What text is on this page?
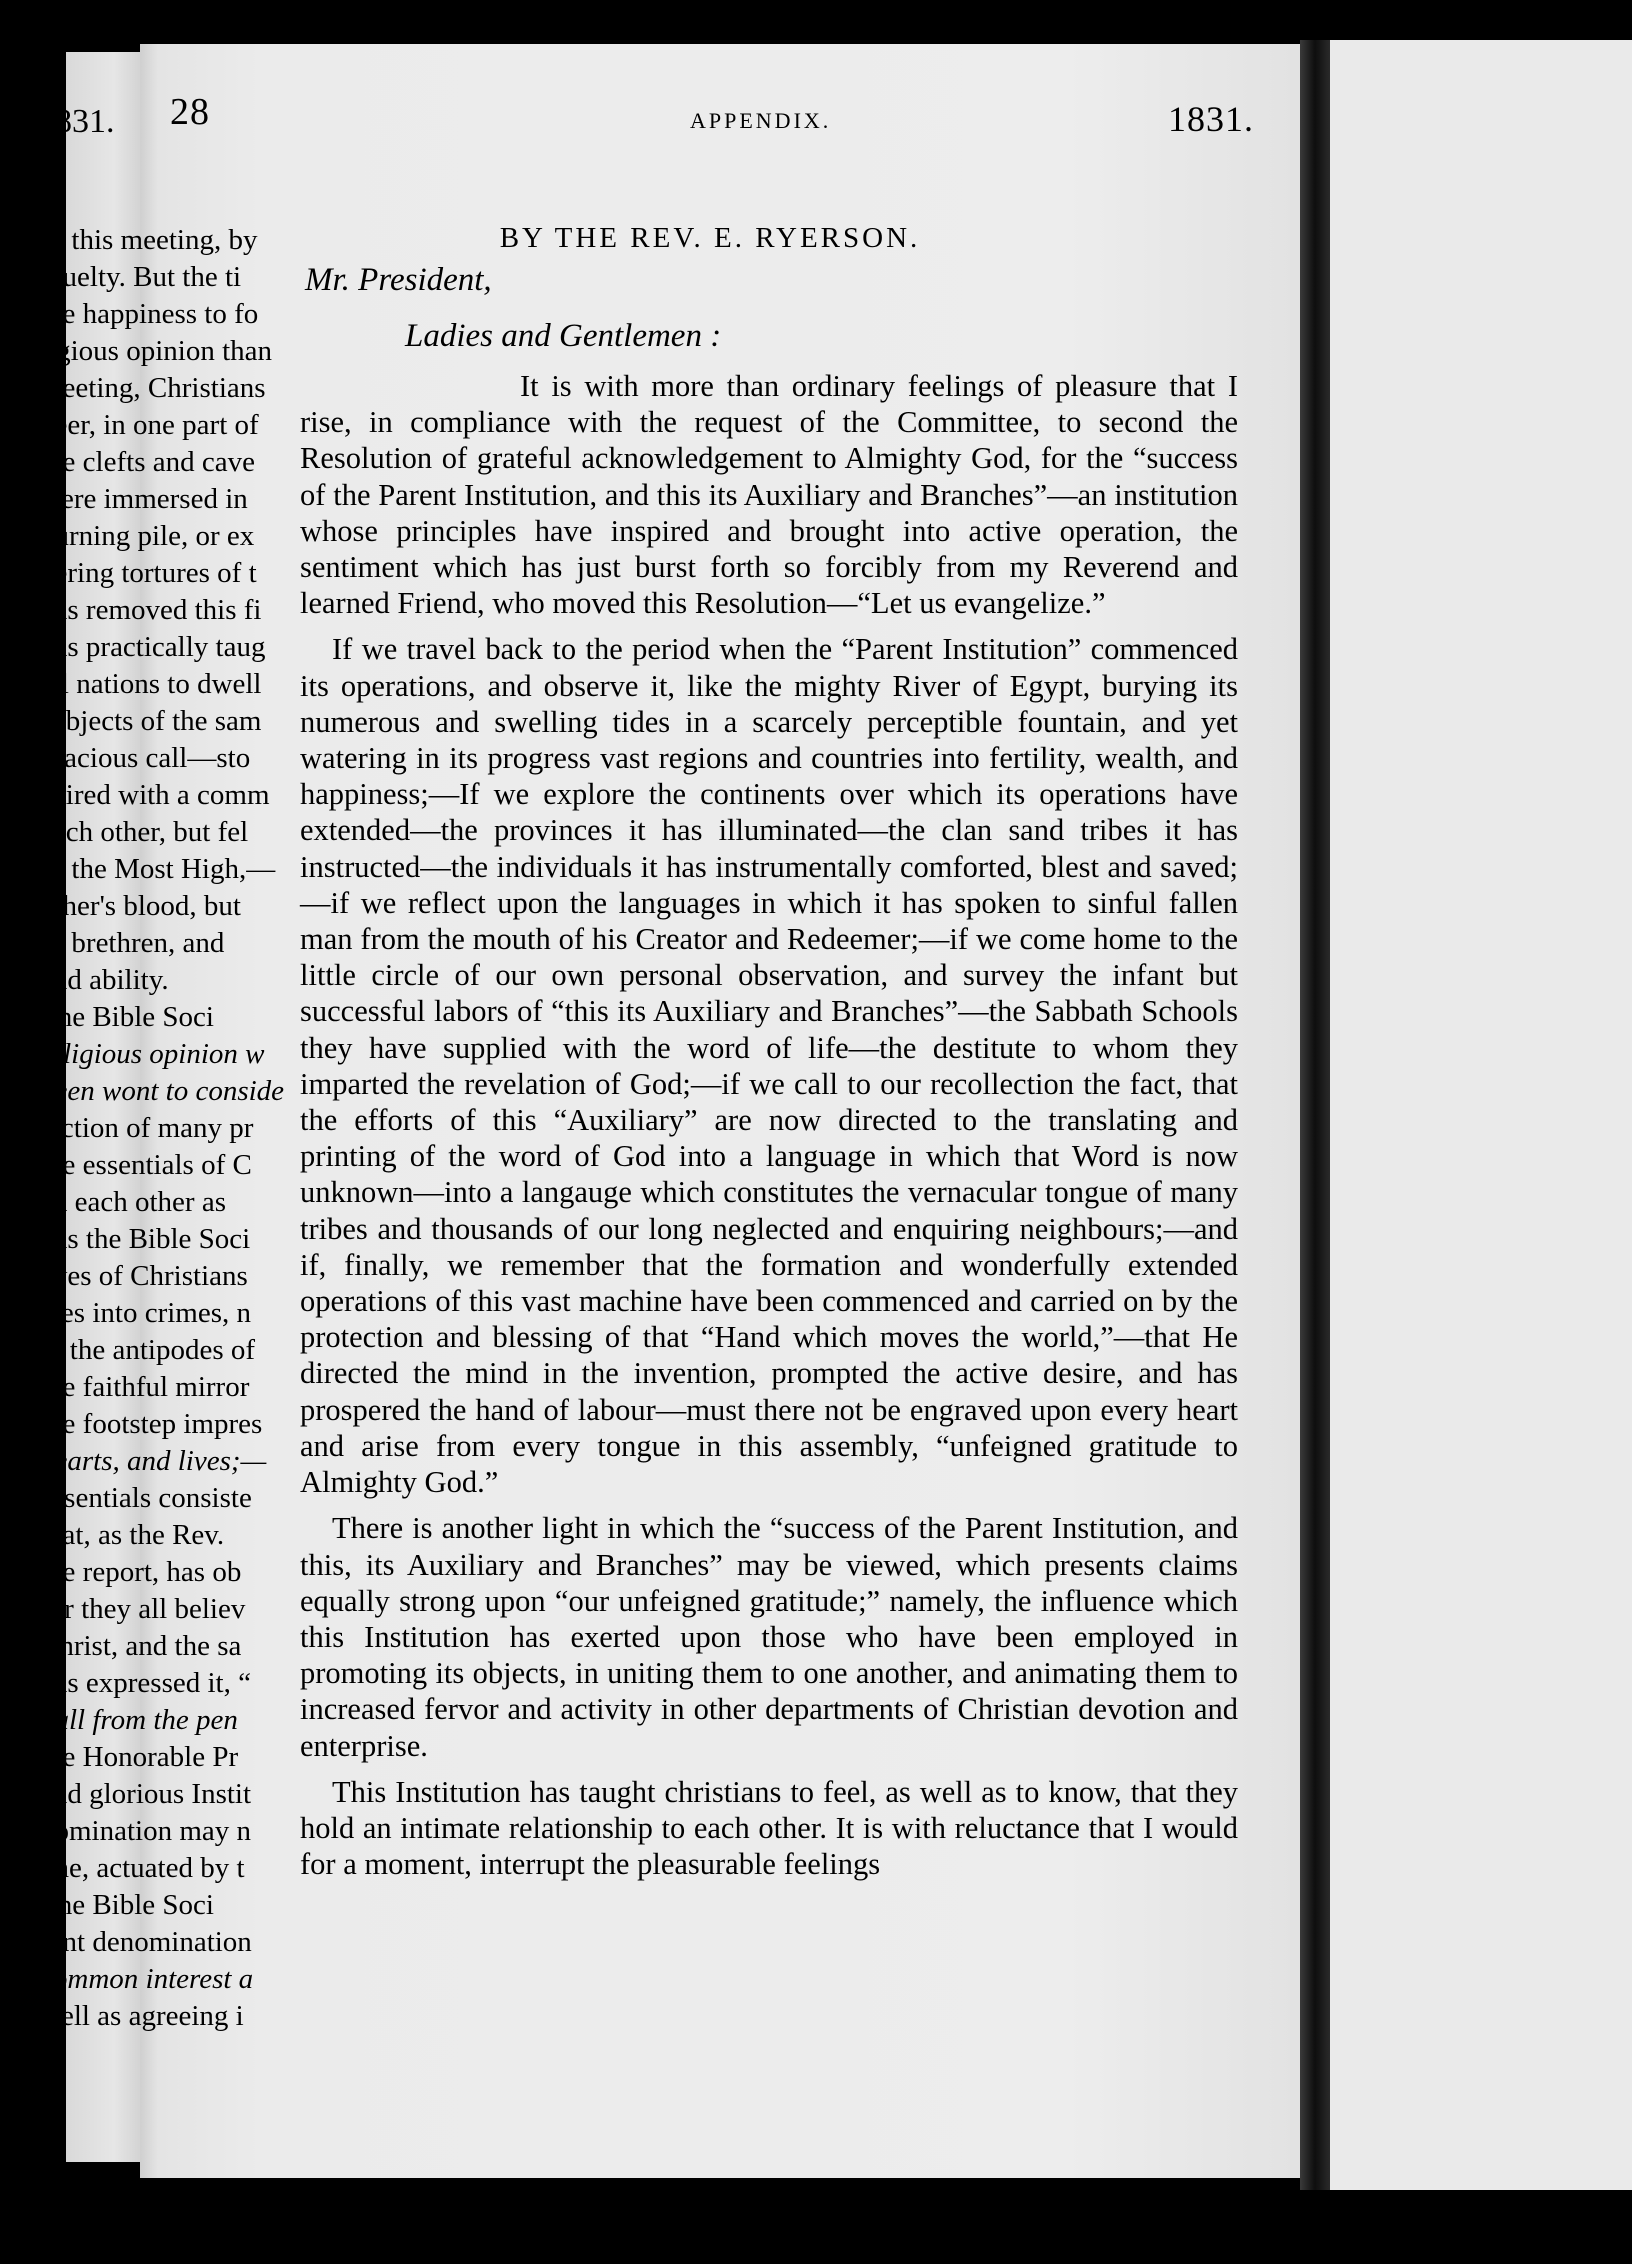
28	APPENDIX.	1831.
BY THE REV. E. RYERSON.
Mr. President,
Ladies and Gentlemen :

It is with more than ordinary feelings of pleasure that I rise, in compliance with the request of the Committee, to second the Resolution of grateful acknowledgement to Almighty God, for the “success of the Parent Institution, and this its Auxiliary and Branches”—an institution whose principles have inspired and brought into active operation, the sentiment which has just burst forth so forcibly from my Reverend and learned Friend, who moved this Resolution—“Let us evangelize.”

If we travel back to the period when the “Parent Institution” commenced its operations, and observe it, like the mighty River of Egypt, burying its numerous and swelling tides in a scarcely perceptible fountain, and yet watering in its progress vast regions and countries into fertility, wealth, and happiness;—If we explore the continents over which its operations have extended—the provinces it has illuminated—the clan sand tribes it has instructed—the individuals it has instrumentally comforted, blest and saved;—if we reflect upon the languages in which it has spoken to sinful fallen man from the mouth of his Creator and Redeemer;—if we come home to the little circle of our own personal observation, and survey the infant but successful labors of “this its Auxiliary and Branches”—the Sabbath Schools they have supplied with the word of life—the destitute to whom they imparted the revelation of God;—if we call to our recollection the fact, that the efforts of this “Auxiliary” are now directed to the translating and printing of the word of God into a language in which that Word is now unknown—into a langauge which constitutes the vernacular tongue of many tribes and thousands of our long neglected and enquiring neighbours;—and if, finally, we remember that the formation and wonderfully extended operations of this vast machine have been commenced and carried on by the protection and blessing of that “Hand which moves the world,”—that He directed the mind in the invention, prompted the active desire, and has prospered the hand of labour—must there not be engraved upon every heart and arise from every tongue in this assembly, “unfeigned gratitude to Almighty God.”

There is another light in which the “success of the Parent Institution, and this, its Auxiliary and Branches” may be viewed, which presents claims equally strong upon “our unfeigned gratitude;” namely, the influence which this Institution has exerted upon those who have been employed in promoting its objects, in uniting them to one another, and animating them to increased fervor and activity in other departments of Christian devotion and enterprise.

This Institution has taught christians to feel, as well as to know, that they hold an intimate relationship to each other. It is with reluctance that I would for a moment, interrupt the pleasurable feelings

1831.
of this meeting, by
cruelty. But the ti
the happiness to fo
ligious opinion than
meeting, Christians
deer, in one part of
the clefts and cave
were immersed in
burning pile, or ex
gering tortures of t
has removed this fi
has practically taug
all nations to dwell
subjects of the sam
gracious call—sto
spired with a comm
each other, but fel
of the Most High,—
other's blood, but
as brethren, and
and ability.
The Bible Soci
religious opinion w
been wont to conside
lection of many pr
the essentials of C
ed each other as
has the Bible Soci
eyes of Christians
cies into crimes, n
to the antipodes of
the faithful mirror
the footstep impres
hearts, and lives;—
essentials consiste
that, as the Rev.
the report, has ob
for they all believ
Christ, and the sa
has expressed it, “
gall from the pen
the Honorable Pr
and glorious Instit
nomination may n
one, actuated by t
The Bible Soci
rent denomination
common interest a
well as agreeing i
